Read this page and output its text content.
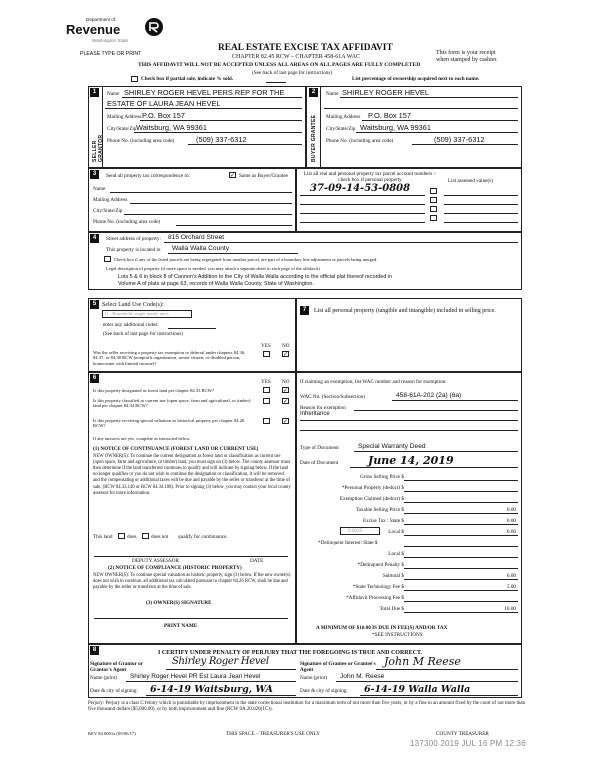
Department of
Revenue
Washington State
PLEASE TYPE OR PRINT
REAL ESTATE EXCISE TAX AFFIDAVIT
CHAPTER 82.45 RCW – CHAPTER 458-61A WAC
THIS AFFIDAVIT WILL NOT BE ACCEPTED UNLESS ALL AREAS ON ALL PAGES ARE FULLY COMPLETED
This form is your receipt when stamped by cashier.
(See back of last page for instructions)
Check box if partial sale, indicate % sold.	List percentage of ownership acquired next to each name.
1
SELLER GRANTOR
Name SHIRLEY ROGER HEVEL PERS REP FOR THE
ESTATE OF LAURA JEAN HEVEL
Mailing Address P.O. Box 157
City/State/Zip Waitsburg, WA 99361
Phone No. (including area code)	(509) 337-6312
2
BUYER GRANTEE
Name SHIRLEY ROGER HEVEL
Mailing Address P.O. Box 157
City/State/Zip Waitsburg, WA 99361
Phone No. (including area code)	(509) 337-6312
3	Send all property tax correspondence to:	✓ Same as Buyer/Grantee
Name
Mailing Address
City/State/Zip
Phone No. (including area code)
List all real and personal property tax parcel account numbers – check box if personal property	List assessed value(s)
37-09-14-53-0808
4	Street address of property: 815 Orchard Street
This property is located in Walla Walla County
Check box if any of the listed parcels are being segregated from another parcel, are part of a boundary line adjustment or parcels being merged.
Legal description of property (if more space is needed, you may attach a separate sheet to each page of the affidavit)
Lots 5 & 6 in block 8 of Cannon's Addition to the City of Walla Walla according to the official plat thereof recorded in Volume A of plats at page 63, records of Walla Walla County, State of Washington.
5 Select Land Use Code(s):
11 - Household, single family units
enter any additional codes:
(See back of last page for instructions)
YES NO
Was the seller receiving a property tax exemption or deferral under chapters 84.36, 84.37, or 84.38 RCW (nonprofit organization, senior citizen, or disabled person, homeowner with limited income)?
✓
7	List all personal property (tangible and intangible) included in selling price.
6
YES NO
Is this property designated as forest land per chapter 84.33 RCW?	✓
Is this property classified as current use (open space, farm and agricultural, or timber) land per chapter 84.34 RCW?
✓
Is this property receiving special valuation as historical property per chapter 84.26 RCW?
✓
If any answers are yes, complete as instructed below.
(1) NOTICE OF CONTINUANCE (FOREST LAND OR CURRENT USE)
NEW OWNER(S): To continue the current designation as forest land or classification as current use (open space, farm and agriculture, or timber) land, you must sign on (3) below. The county assessor must then determine if the land transferred continues to qualify and will indicate by signing below. If the land no longer qualifies or you do not wish to continue the designation or classification, it will be removed and the compensating or additional taxes will be due and payable by the seller or transferor at the time of sale. (RCW 84.33.140 or RCW 84.34.108). Prior to signing (3) below, you may contact your local county assessor for more information.
This land	does	does not qualify for continuance.
DEPUTY ASSESSOR	DATE
(2) NOTICE OF COMPLIANCE (HISTORIC PROPERTY)
NEW OWNER(S): To continue special valuation as historic property, sign (3) below. If the new owner(s) does not wish to continue, all additional tax calculated pursuant to chapter 84.26 RCW, shall be due and payable by the seller or transferor at the time of sale.
(3) OWNER(S) SIGNATURE
PRINT NAME
If claiming an exemption, list WAC number and reason for exemption:
WAC No. (Section/Subsection)	458-61A-202 (2a) (6a)
Reason for exemption
Inheritance
Type of Document	Special Warranty Deed
Date of Document	June 14, 2019
Gross Selling Price $
*Personal Property (deduct) $
Exemption Claimed (deduct) $
Taxable Selling Price $	0.00
Excise Tax : State $	0.00
0.0025	Local $	0.00
*Delinquent Interest: State $
Local $
*Delinquent Penalty $
Subtotal $	0.00
*State Technology Fee $	5.00
*Affidavit Processing Fee $
Total Due $	10.00
A MINIMUM OF $10.00 IS DUE IN FEE(S) AND/OR TAX
*SEE INSTRUCTIONS
8	I CERTIFY UNDER PENALTY OF PERJURY THAT THE FOREGOING IS TRUE AND CORRECT.
Signature of Grantor or Grantor's Agent
Shirley Roger Hevel
Name (print) Shirley Roger Hevel PR Est Laura Jean Hevel
Date & city of signing: 6-14-19 Waitsburg, WA
Signature of Grantee or Grantee's Agent
John M Reese
Name (print) John M. Reese
Date & city of signing: 6-14-19 Walla Walla
Perjury: Perjury is a class C felony which is punishable by imprisonment in the state correctional institution for a maximum term of not more than five years, or by a fine in an amount fixed by the court of not more than five thousand dollars ($5,000.00), or by both imprisonment and fine (RCW 9A.20.020(1C)).
REV 84 0001a (09/06/17)	THIS SPACE – TREASURER'S USE ONLY	COUNTY TREASURER
137300 2019 JUL 16 PM 12:36
